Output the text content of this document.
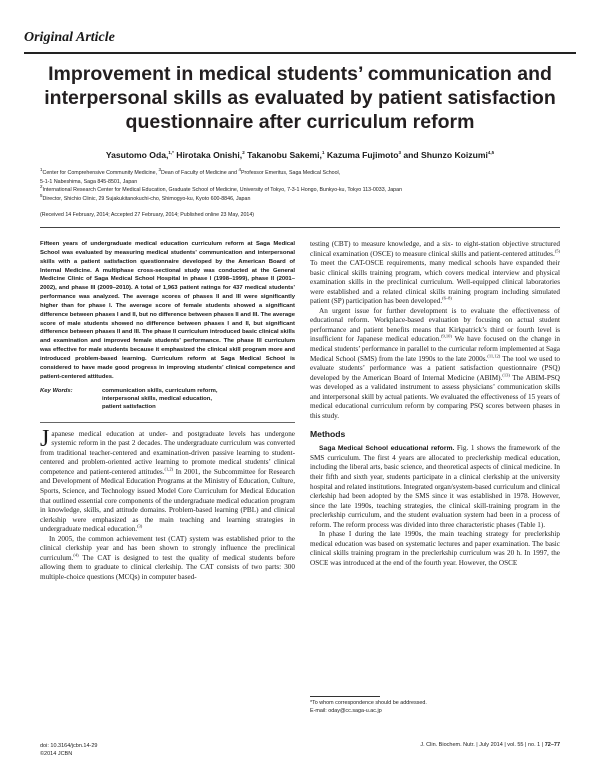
Original Article
Improvement in medical students’ communication and interpersonal skills as evaluated by patient satisfaction questionnaire after curriculum reform
Yasutomo Oda,$^{1,*}$ Hirotaka Onishi,$^2$ Takanobu Sakemi,$^1$ Kazuma Fujimoto$^3$ and Shunzo Koizumi$^{4,5}$
$^1$Center for Comprehensive Community Medicine, $^3$Dean of Faculty of Medicine and $^4$Professor Emeritus, Saga Medical School,
5-1-1 Nabeshima, Saga 845-8501, Japan
$^2$International Research Center for Medical Education, Graduate School of Medicine, University of Tokyo, 7-3-1 Hongo, Bunkyo-ku, Tokyo 113-0033, Japan
$^5$Director, Shichio Clinic, 29 Sujakukitanokuchi-cho, Shimogyo-ku, Kyoto 600-8846, Japan
(Received 14 February, 2014; Accepted 27 February, 2014; Published online 23 May, 2014)

Fifteen years of undergraduate medical education curriculum reform at Saga Medical School was evaluated by measuring medical students’ communication and interpersonal skills with a patient satisfaction questionnaire developed by the American Board of Internal Medicine. A multiphase cross-sectional study was conducted at the General Medicine Clinic of Saga Medical School Hospital in phase I (1998–1999), phase II (2001–2002), and phase III (2009–2010). A total of 1,963 patient ratings for 437 medical students’ performance was analyzed. The average scores of phases II and III were significantly higher than for phase I. The average score of female students showed a significant difference between phases I and II, but no difference between phases II and III. The average score of male students showed no difference between phases I and II, but significant difference between phases II and III. The phase II curriculum introduced basic clinical skills and examination and improved female students’ performance. The phase III curriculum was effective for male students because it emphasized the clinical skill program more and introduced problem-based learning. Curriculum reform at Saga Medical School is considered to have made good progress in improving students’ clinical competence and patient-centered attitudes.

Key Words:	communication skills, curriculum reform,
interpersonal skills, medical education,
patient satisfaction

Japanese medical education at under- and postgraduate levels has undergone systemic reform in the past 2 decades. The undergraduate curriculum was converted from traditional teacher-centered and examination-driven passive learning to student-centered and problem-oriented active learning to promote medical students’ clinical competence and patient-centered attitudes.$^{(1,2)}$ In 2001, the Subcommittee for Research and Development of Medical Education Programs at the Ministry of Education, Culture, Sports, Science, and Technology issued Model Core Curriculum for Medical Education that outlined essential core components of the undergraduate medical education program in knowledge, skills, and attitude domains. Problem-based learning (PBL) and clinical clerkship were emphasized as the main teaching and learning strategies in undergraduate medical education.$^{(3)}$

In 2005, the common achievement test (CAT) system was established prior to the clinical clerkship year and has been shown to strongly influence the preclinical curriculum.$^{(4)}$ The CAT is designed to test the quality of medical students before allowing them to graduate to clinical clerkship. The CAT consists of two parts: 300 multiple-choice questions (MCQs) in computer based-

testing (CBT) to measure knowledge, and a six- to eight-station objective structured clinical examination (OSCE) to measure clinical skills and patient-centered attitudes.$^{(5)}$ To meet the CAT-OSCE requirements, many medical schools have expanded their basic clinical skills training program, which covers medical interview and physical examination skills in the preclinical curriculum. Well-equipped clinical laboratories were established and a related clinical skills training program including simulated patient (SP) participation has been developed.$^{(6-8)}$

An urgent issue for further development is to evaluate the effectiveness of educational reform. Workplace-based evaluation by focusing on actual student performance and patient benefits means that Kirkpatrick’s third or fourth level is insufficient for Japanese medical education.$^{(9,10)}$ We have focused on the change in medical students’ performance in parallel to the curricular reform implemented at Saga Medical School (SMS) from the late 1990s to the late 2000s.$^{(11,12)}$ The tool we used to evaluate students’ performance was a patient satisfaction questionnaire (PSQ) developed by the American Board of Internal Medicine (ABIM).$^{(13)}$ The ABIM-PSQ was developed as a validated instrument to assess physicians’ communication skills and interpersonal skill by actual patients. We evaluated the effectiveness of 15 years of medical educational curriculum reform by comparing PSQ scores between phases in this study.

Methods

Saga Medical School educational reform. Fig. 1 shows the framework of the SMS curriculum. The first 4 years are allocated to preclerkship medical education, including the liberal arts, basic science, and theoretical aspects of clinical medicine. In their fifth and sixth year, students participate in a clinical clerkship at the university hospital and related institutions. Integrated organ/system-based curriculum and clinical clerkship had been adopted by the SMS since it was established in 1978. However, since the late 1990s, teaching strategies, the clinical skill-training program in the preclerkship curriculum, and the student evaluation system had been in a process of reform. The reform process was divided into three characteristic phases (Table 1).

In phase I during the late 1990s, the main teaching strategy for preclerkship medical education was based on systematic lectures and paper examination. The basic clinical skills training program in the preclerkship curriculum was 20 h. In 1997, the OSCE was introduced at the end of the fourth year. However, the OSCE

*To whom correspondence should be addressed.
E-mail: oday@cc.saga-u.ac.jp
doi: 10.3164/jcbn.14-29
©2014 JCBN
J. Clin. Biochem. Nutr. | July 2014 | vol. 55 | no. 1 | 72–77
